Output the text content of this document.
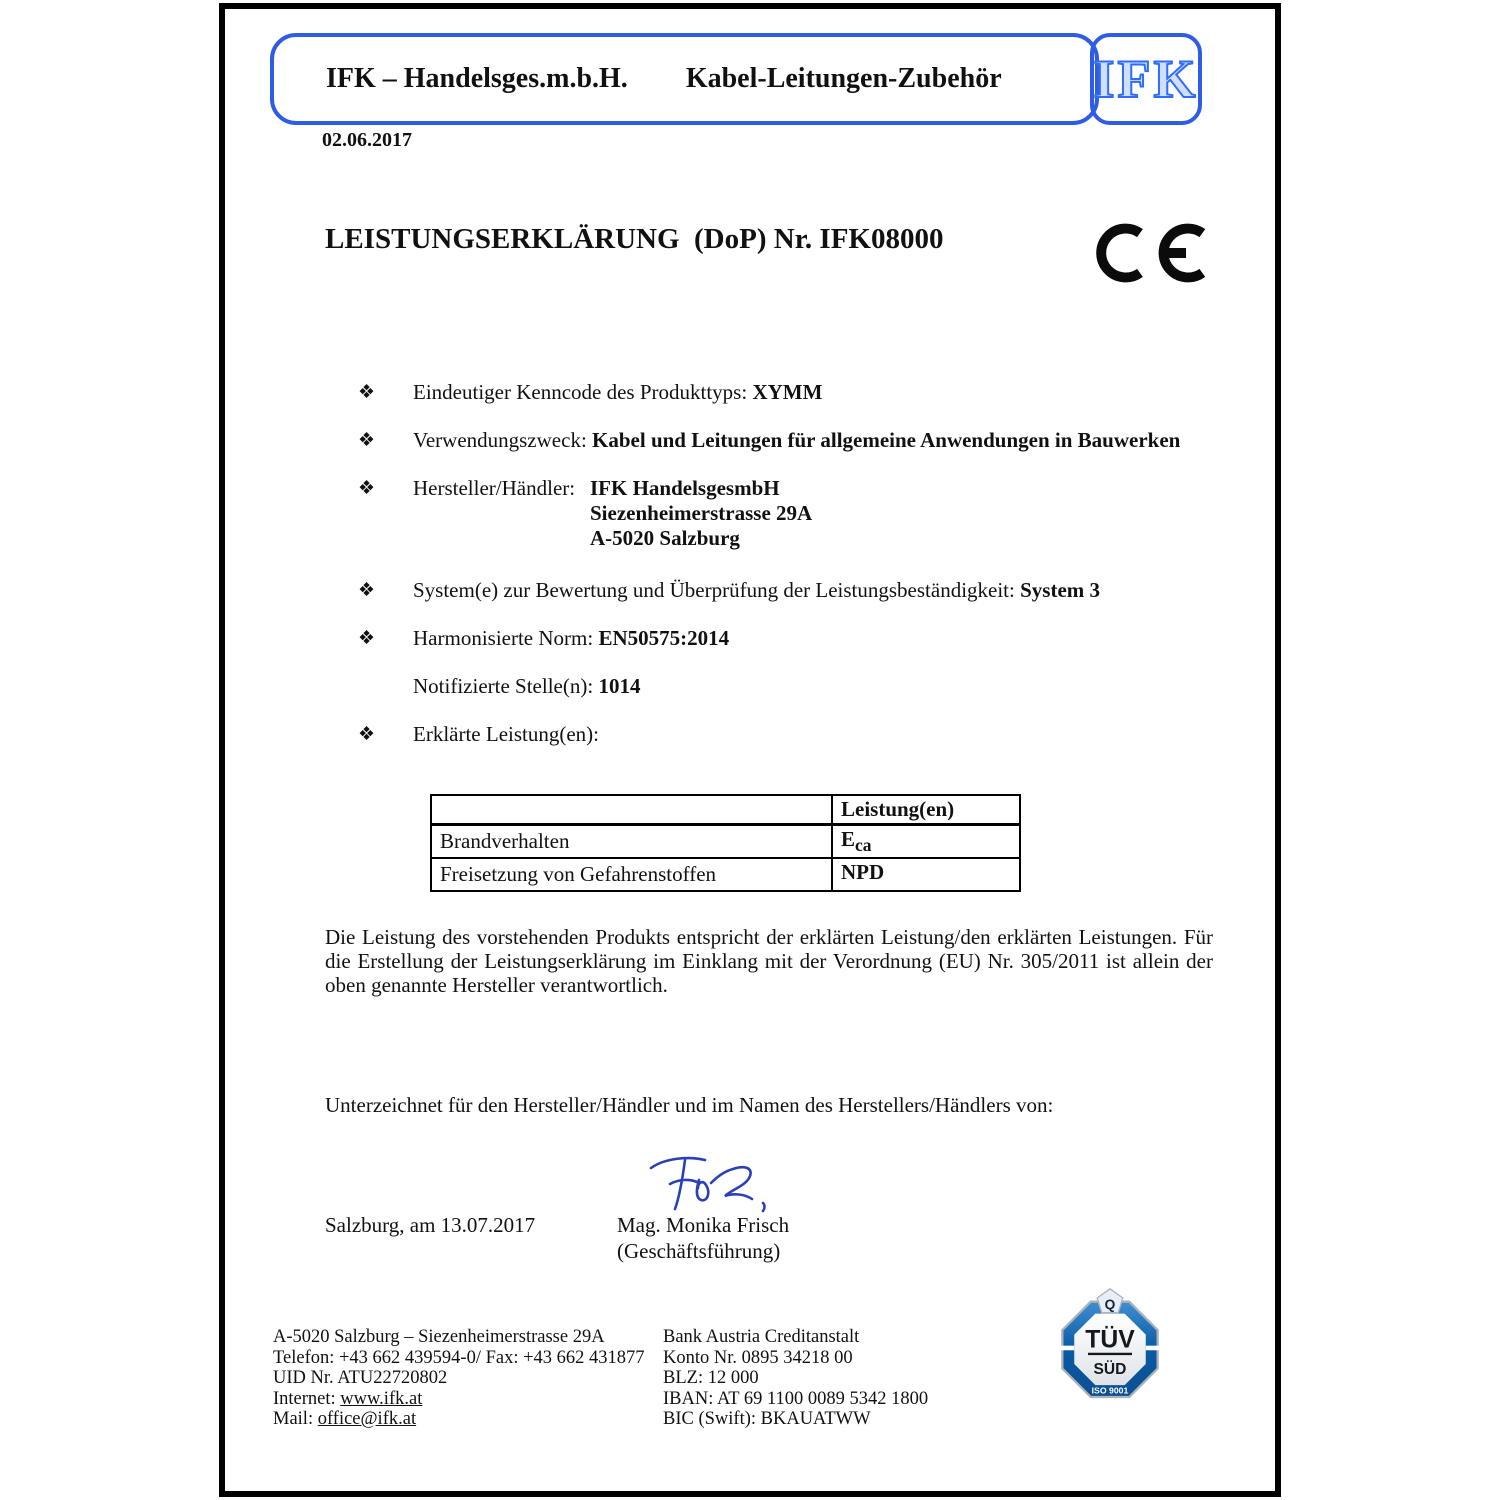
IFK – Handelsges.m.b.H. Kabel-Leitungen-Zubehör IFK
02.06.2017
LEISTUNGSERKLÄRUNG  (DoP) Nr. IFK08000
❖	Eindeutiger Kenncode des Produkttyps: XYMM
❖	Verwendungszweck: Kabel und Leitungen für allgemeine Anwendungen in Bauwerken
❖	Hersteller/Händler: IFK HandelsgesmbH
Siezenheimerstrasse 29A
A-5020 Salzburg
❖	System(e) zur Bewertung und Überprüfung der Leistungsbeständigkeit: System 3
❖	Harmonisierte Norm: EN50575:2014
Notifizierte Stelle(n): 1014
❖	Erklärte Leistung(en):
	Leistung(en)
Brandverhalten	$E_{ca}$
Freisetzung von Gefahrenstoffen	NPD
Die Leistung des vorstehenden Produkts entspricht der erklärten Leistung/den erklärten Leistungen. Für die Erstellung der Leistungserklärung im Einklang mit der Verordnung (EU) Nr. 305/2011 ist allein der oben genannte Hersteller verantwortlich.
Unterzeichnet für den Hersteller/Händler und im Namen des Herstellers/Händlers von:
Salzburg, am 13.07.2017	Mag. Monika Frisch
(Geschäftsführung)
A-5020 Salzburg – Siezenheimerstrasse 29A
Telefon: +43 662 439594-0/ Fax: +43 662 431877
UID Nr. ATU22720802
Internet: www.ifk.at
Mail: office@ifk.at
Bank Austria Creditanstalt
Konto Nr. 0895 34218 00
BLZ: 12 000
IBAN: AT 69 1100 0089 5342 1800
BIC (Swift): BKAUATWW
Q
TÜV
SÜD
ISO 9001
